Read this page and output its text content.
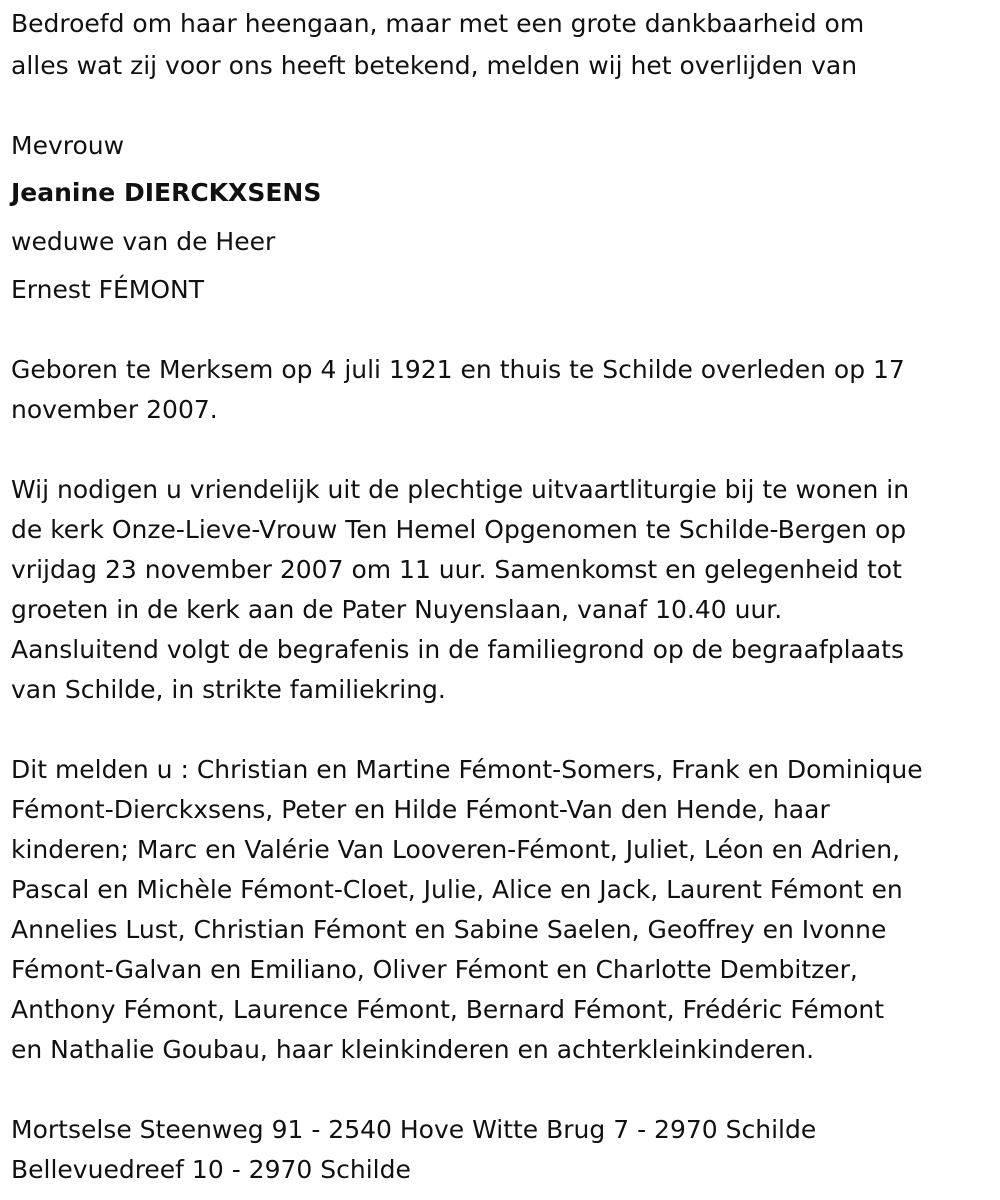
Bedroefd om haar heengaan, maar met een grote dankbaarheid om
alles wat zij voor ons heeft betekend, melden wij het overlijden van
Mevrouw
Jeanine DIERCKXSENS
weduwe van de Heer
Ernest FÉMONT
Geboren te Merksem op 4 juli 1921 en thuis te Schilde overleden op 17
november 2007.
Wij nodigen u vriendelijk uit de plechtige uitvaartliturgie bij te wonen in
de kerk Onze-Lieve-Vrouw Ten Hemel Opgenomen te Schilde-Bergen op
vrijdag 23 november 2007 om 11 uur. Samenkomst en gelegenheid tot
groeten in de kerk aan de Pater Nuyenslaan, vanaf 10.40 uur.
Aansluitend volgt de begrafenis in de familiegrond op de begraafplaats
van Schilde, in strikte familiekring.
Dit melden u : Christian en Martine Fémont-Somers, Frank en Dominique
Fémont-Dierckxsens, Peter en Hilde Fémont-Van den Hende, haar
kinderen; Marc en Valérie Van Looveren-Fémont, Juliet, Léon en Adrien,
Pascal en Michèle Fémont-Cloet, Julie, Alice en Jack, Laurent Fémont en
Annelies Lust, Christian Fémont en Sabine Saelen, Geoffrey en Ivonne
Fémont-Galvan en Emiliano, Oliver Fémont en Charlotte Dembitzer,
Anthony Fémont, Laurence Fémont, Bernard Fémont, Frédéric Fémont
en Nathalie Goubau, haar kleinkinderen en achterkleinkinderen.
Mortselse Steenweg 91 - 2540 Hove Witte Brug 7 - 2970 Schilde
Bellevuedreef 10 - 2970 Schilde
